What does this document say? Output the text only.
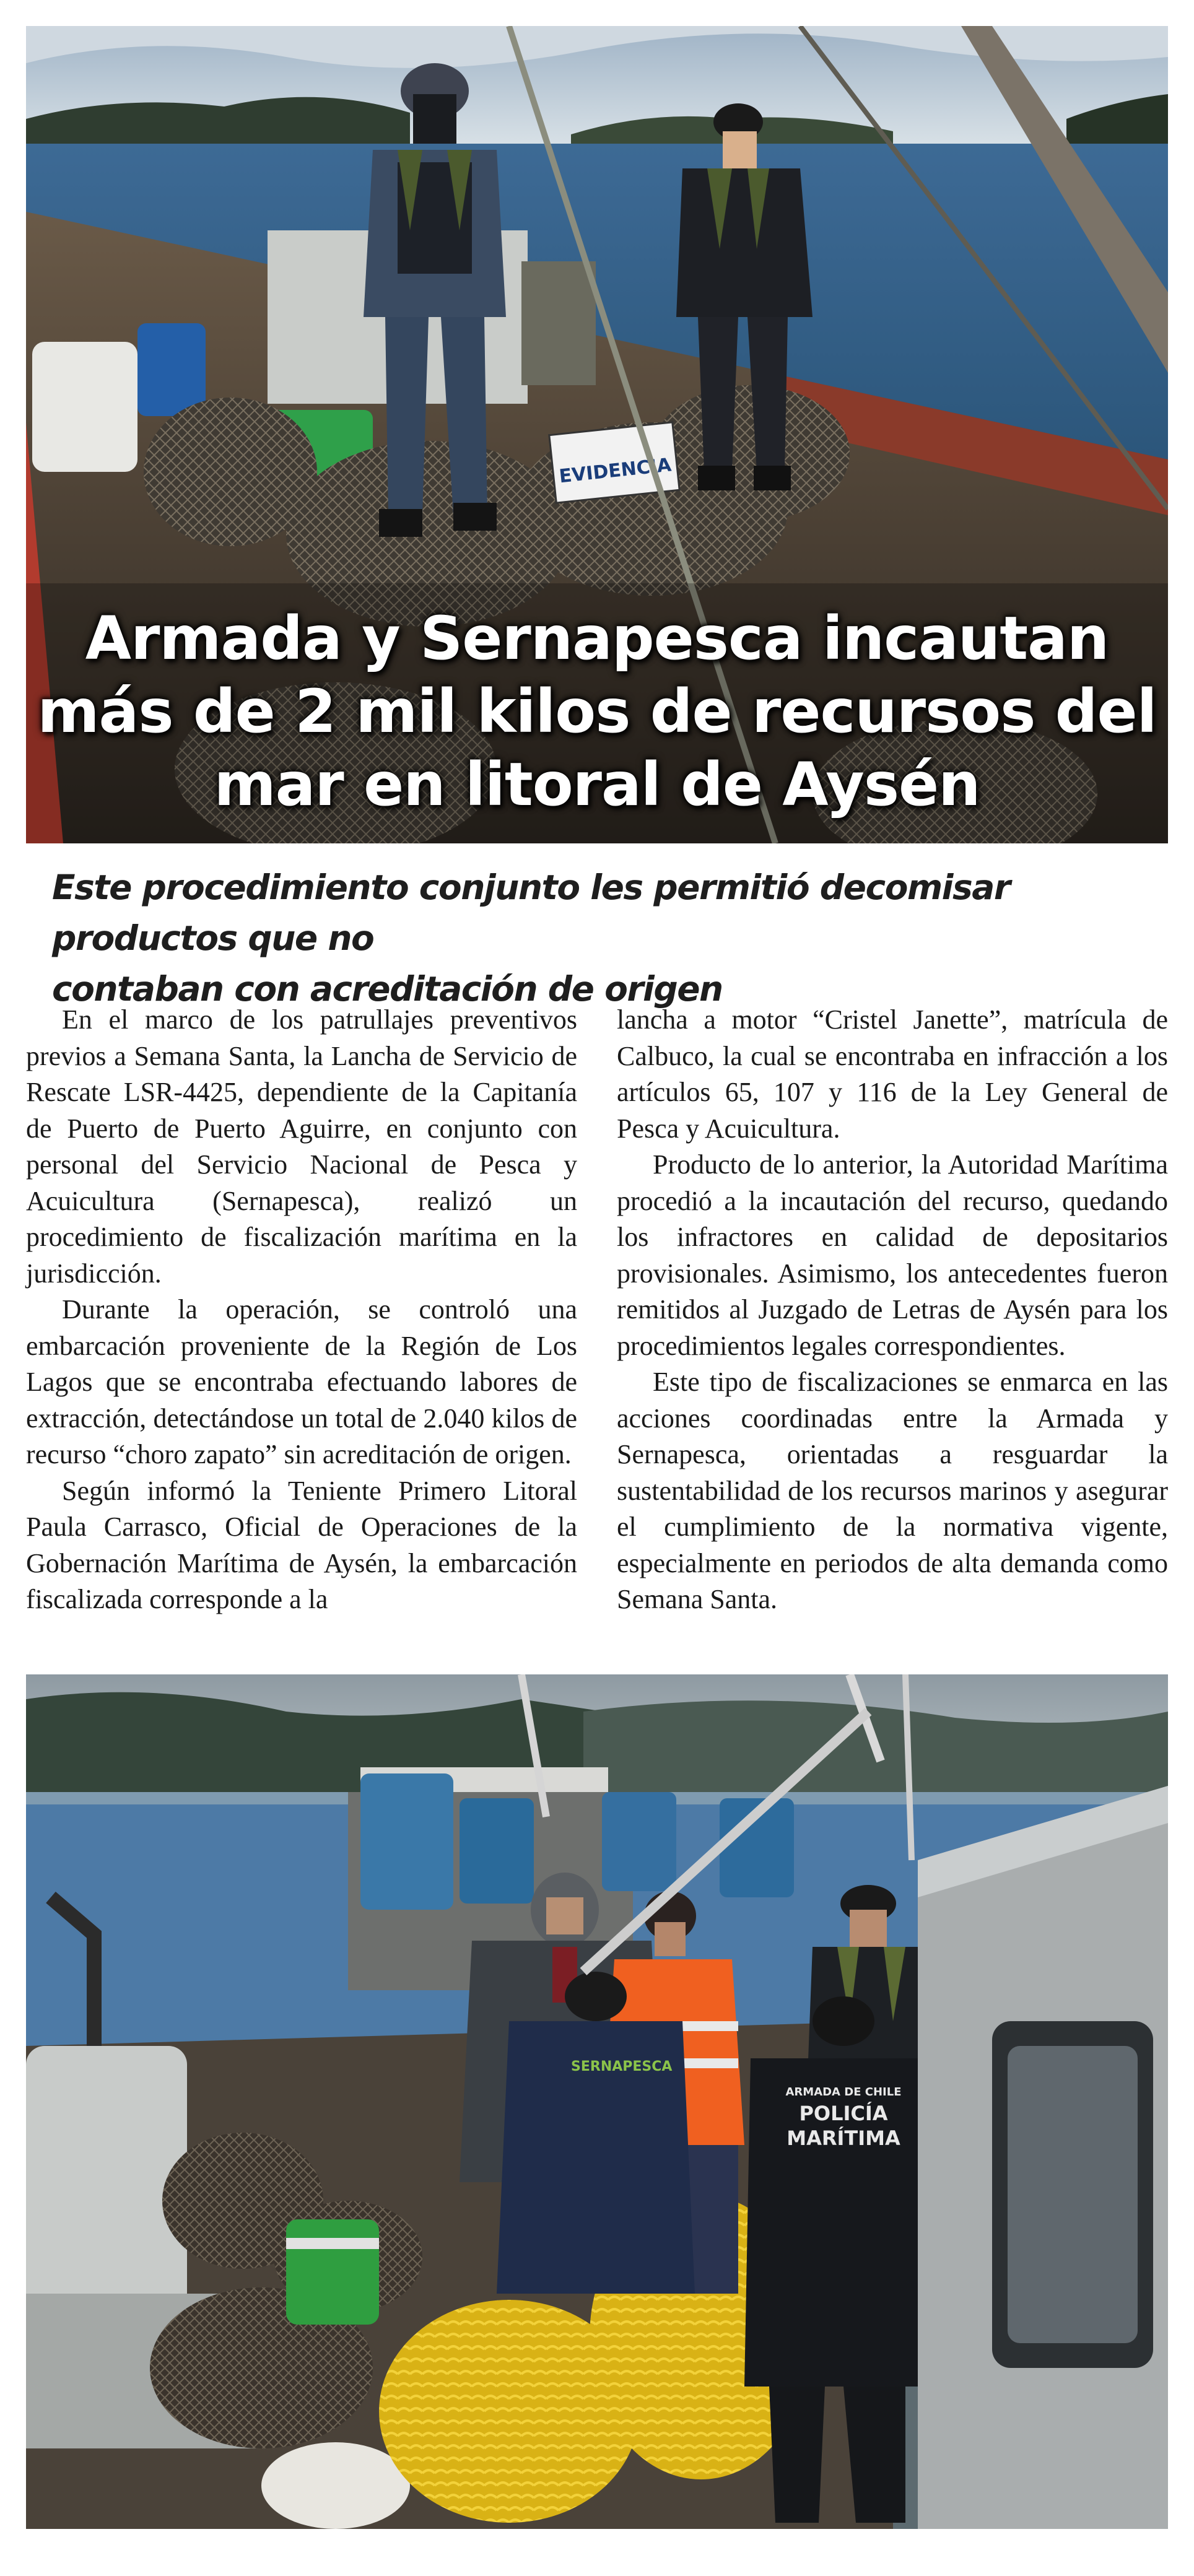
EVIDENCIA
Armada y Sernapesca incautan
más de 2 mil kilos de recursos del
mar en litoral de Aysén
Este procedimiento conjunto les permitió decomisar productos que no
contaban con acreditación de origen

En el marco de los patrullajes preventivos previos a Semana Santa, la Lancha de Servicio de Rescate LSR-4425, dependiente de la Capitanía de Puerto de Puerto Aguirre, en conjunto con personal del Servicio Nacional de Pesca y Acuicultura (Sernapesca), realizó un procedimiento de fiscalización marítima en la jurisdicción.

Durante la operación, se controló una embarcación proveniente de la Región de Los Lagos que se encontraba efectuando labores de extracción, detectándose un total de 2.040 kilos de recurso “choro zapato” sin acreditación de origen.

Según informó la Teniente Primero Litoral Paula Carrasco, Oficial de Operaciones de la Gobernación Marítima de Aysén, la embarcación fiscalizada corresponde a la

lancha a motor “Cristel Janette”, matrícula de Calbuco, la cual se encontraba en infracción a los artículos 65, 107 y 116 de la Ley General de Pesca y Acuicultura.

Producto de lo anterior, la Autoridad Marítima procedió a la incautación del recurso, quedando los infractores en calidad de depositarios provisionales. Asimismo, los antecedentes fueron remitidos al Juzgado de Letras de Aysén para los procedimientos legales correspondientes.

Este tipo de fiscalizaciones se enmarca en las acciones coordinadas entre la Armada y Sernapesca, orientadas a resguardar la sustentabilidad de los recursos marinos y asegurar el cumplimiento de la normativa vigente, especialmente en periodos de alta demanda como Semana Santa.

SERNAPESCA
ARMADA DE CHILE
POLICÍA
MARÍTIMA
